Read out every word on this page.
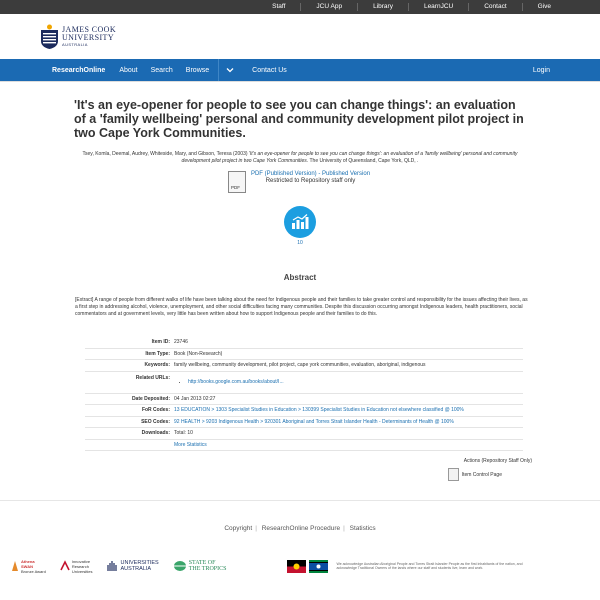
Staff	JCU App	Library	LearnJCU	Contact	Give
JAMES COOK
UNIVERSITY
AUSTRALIA
ResearchOnline About Search Browse	Contact Us	Login
'It's an eye-opener for people to see you can change things': an evaluation of a 'family wellbeing' personal and community development pilot project in two Cape York Communities.

Tsey, Komla, Deemal, Audrey, Whiteside, Mary, and Gibson, Teresa (2003) 'It's an eye-opener for people to see you can change things': an evaluation of a 'family wellbeing' personal and community development pilot project in two Cape York Communities. The University of Queensland, Cape York, QLD, .

PDF
PDF (Published Version) - Published Version
Restricted to Repository staff only
10
Abstract

[Extract] A range of people from different walks of life have been talking about the need for Indigenous people and their families to take greater control and responsibility for the issues affecting their lives, as a first step in addressing alcohol, violence, unemployment, and other social difficulties facing many communities. Despite this discussion occurring amongst Indigenous leaders, health practitioners, social commentators and at government levels, very little has been written about how to support Indigenous people and their families to do this.

Item ID: 23746
Item Type: Book (Non-Research)
Keywords: family wellbeing, community development, pilot project, cape york communities, evaluation, aboriginal, indigenous
Related URLs:
• http://books.google.com.au/books/about/I...
Date Deposited: 04 Jan 2013 02:27
FoR Codes: 13 EDUCATION > 1303 Specialist Studies in Education > 130399 Specialist Studies in Education not elsewhere classified @ 100%
SEO Codes: 92 HEALTH > 9203 Indigenous Health > 920301 Aboriginal and Torres Strait Islander Health - Determinants of Health @ 100%
Downloads: Total: 10
More Statistics
Actions (Repository Staff Only)
Item Control Page
Copyright | ResearchOnline Procedure | Statistics
Athena
SWAN
Bronze Award
Innovative
Research
Universities
UNIVERSITIES
AUSTRALIA
STATE OF
THE TROPICS
We acknowledge Australian Aboriginal People and Torres Strait Islander People as the first inhabitants of the nation, and acknowledge Traditional Owners of the lands where our staff and students live, learn and work.
